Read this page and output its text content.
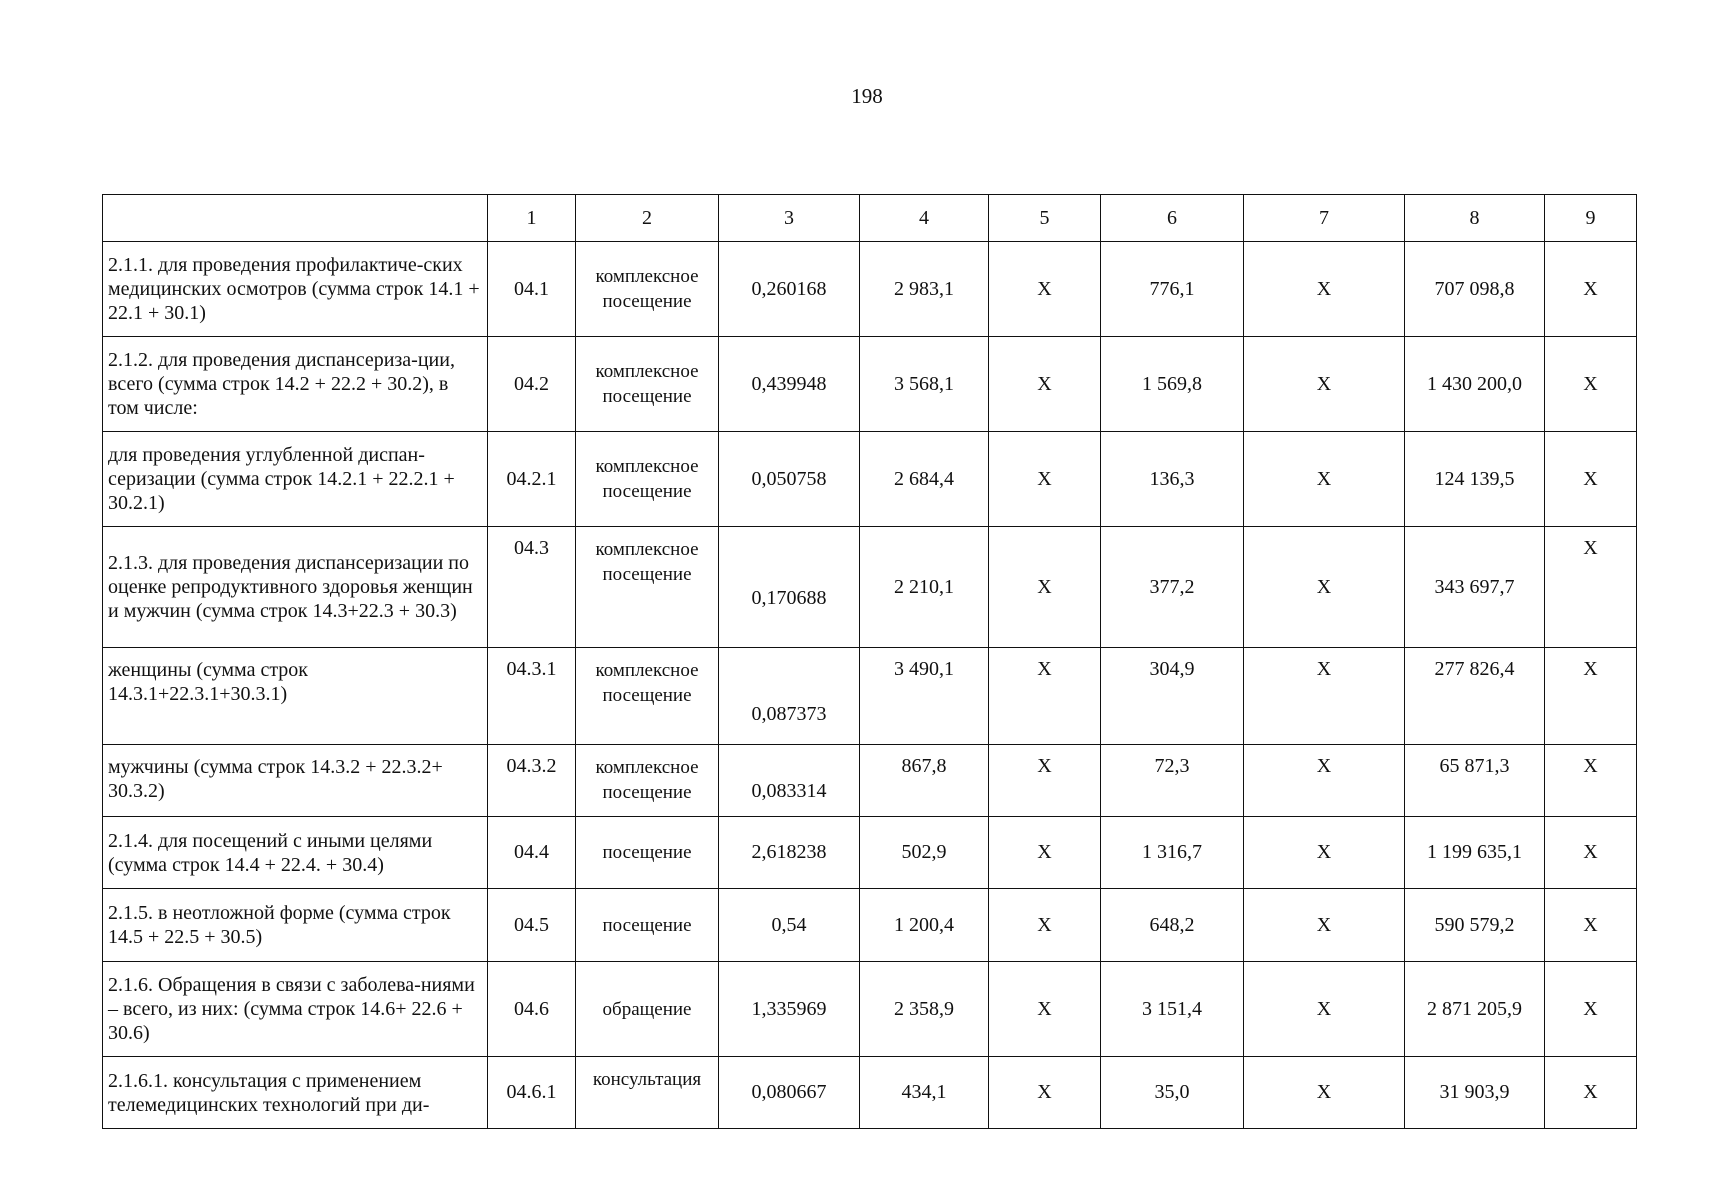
198
	1	2	3	4	5	6	7	8	9
2.1.1. для проведения профилактиче-ских медицинских осмотров (сумма строк 14.1 + 22.1 + 30.1)	04.1	комплексное посещение	0,260168	2 983,1	X	776,1	X	707 098,8	X
2.1.2. для проведения диспансериза-ции, всего (сумма строк 14.2 + 22.2 + 30.2), в том числе:	04.2	комплексное посещение	0,439948	3 568,1	X	1 569,8	X	1 430 200,0	X
для проведения углубленной диспан-серизации (сумма строк 14.2.1 + 22.2.1 + 30.2.1)	04.2.1	комплексное посещение	0,050758	2 684,4	X	136,3	X	124 139,5	X
2.1.3. для проведения диспансеризации по оценке репродуктивного здоровья женщин и мужчин (сумма строк 14.3+22.3 + 30.3)	04.3	комплексное посещение	0,170688	2 210,1	X	377,2	X	343 697,7	X
женщины (сумма строк 14.3.1+22.3.1+30.3.1)	04.3.1	комплексное посещение	0,087373	3 490,1	X	304,9	X	277 826,4	X
мужчины (сумма строк 14.3.2 + 22.3.2+ 30.3.2)	04.3.2	комплексное посещение	0,083314	867,8	X	72,3	X	65 871,3	X
2.1.4. для посещений с иными целями (сумма строк 14.4 + 22.4. + 30.4)	04.4	посещение	2,618238	502,9	X	1 316,7	X	1 199 635,1	X
2.1.5. в неотложной форме (сумма строк 14.5 + 22.5 + 30.5)	04.5	посещение	0,54	1 200,4	X	648,2	X	590 579,2	X
2.1.6. Обращения в связи с заболева-ниями – всего, из них: (сумма строк 14.6+ 22.6 + 30.6)	04.6	обращение	1,335969	2 358,9	X	3 151,4	X	2 871 205,9	X
2.1.6.1. консультация с применением телемедицинских технологий при ди-	04.6.1	консультация	0,080667	434,1	X	35,0	X	31 903,9	X
